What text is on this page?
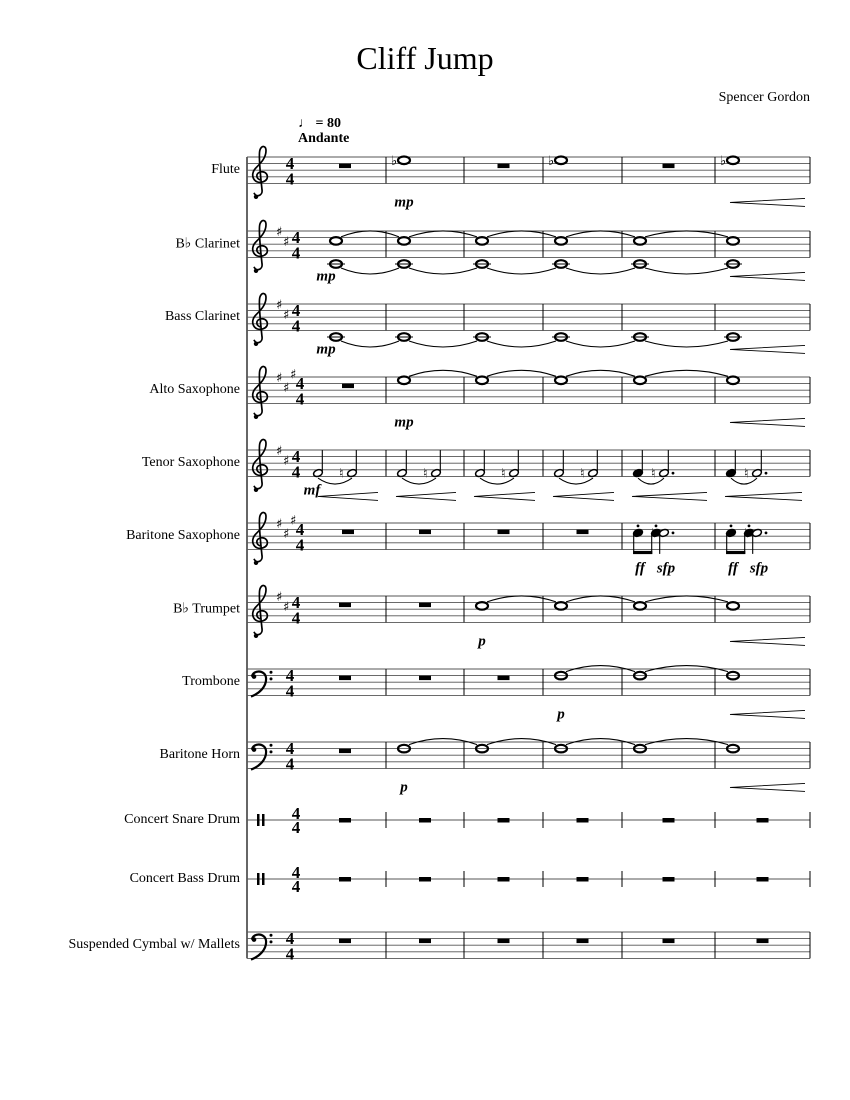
Cliff Jump
Spencer Gordon
♩ = 80
Andante
Flute
B♭ Clarinet
Bass Clarinet
Alto Saxophone
Tenor Saxophone
Baritone Saxophone
B♭ Trumpet
Trombone
Baritone Horn
Concert Snare Drum
Concert Bass Drum
Suspended Cymbal w/ Mallets
4
4
♭	♭	♭
mp
♯
♯ 4
4
mp
♯
♯ 4
4
mp
♯
♯
♯ 4
4
mp
♯
♯ 4
4	♮	♮	♮	♮	♮	♮
mf
♯
♯
♯ 4
4
♮	♮
ff sfp	ff sfp
♯
♯ 4
4
p
4
4
p
4
4
p
4
4
4
4
4
4
